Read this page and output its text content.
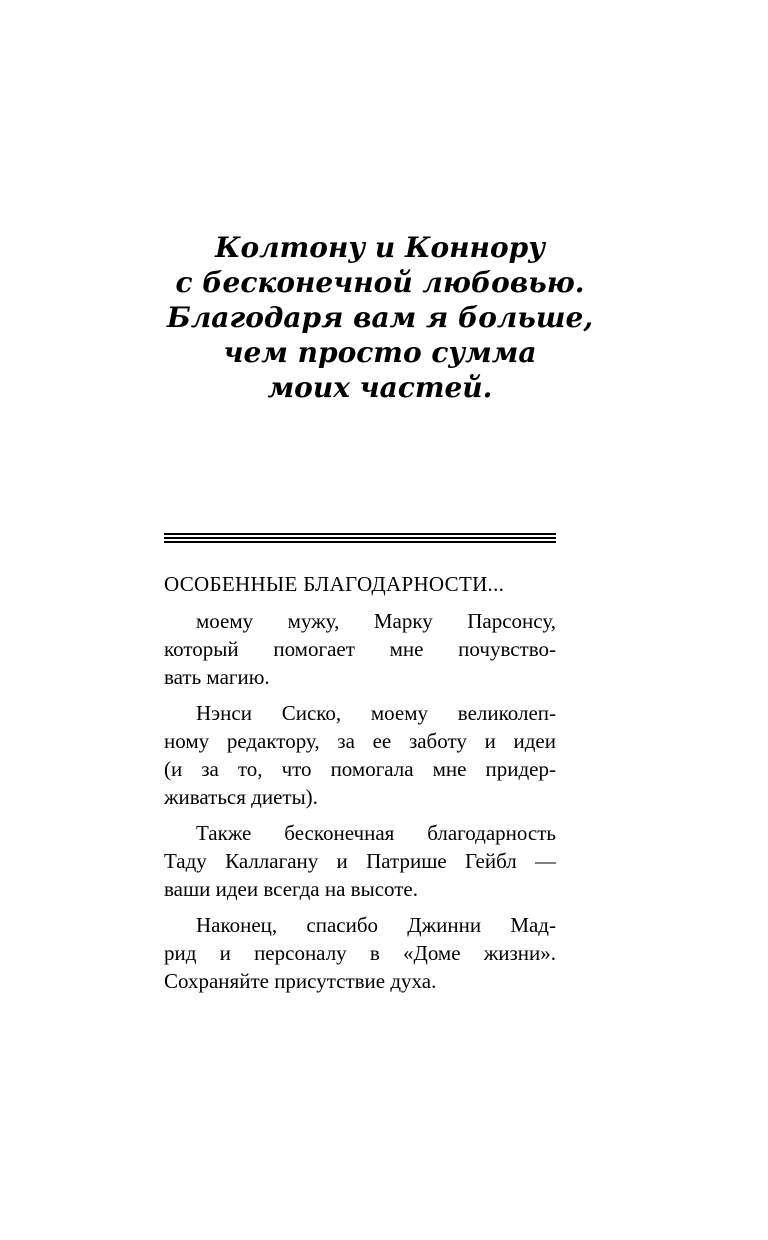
Колтону и Коннору
с бесконечной любовью.
Благодаря вам я больше,
чем просто сумма
моих частей.
ОСОБЕННЫЕ БЛАГОДАРНОСТИ...
моему мужу, Марку Парсонсу,
который помогает мне почувство-
вать магию.
Нэнси Сиско, моему великолеп-
ному редактору, за ее заботу и идеи
(и за то, что помогала мне придер-
живаться диеты).
Также бесконечная благодарность
Таду Каллагану и Патрише Гейбл —
ваши идеи всегда на высоте.
Наконец, спасибо Джинни Мад-
рид и персоналу в «Доме жизни».
Сохраняйте присутствие духа.
